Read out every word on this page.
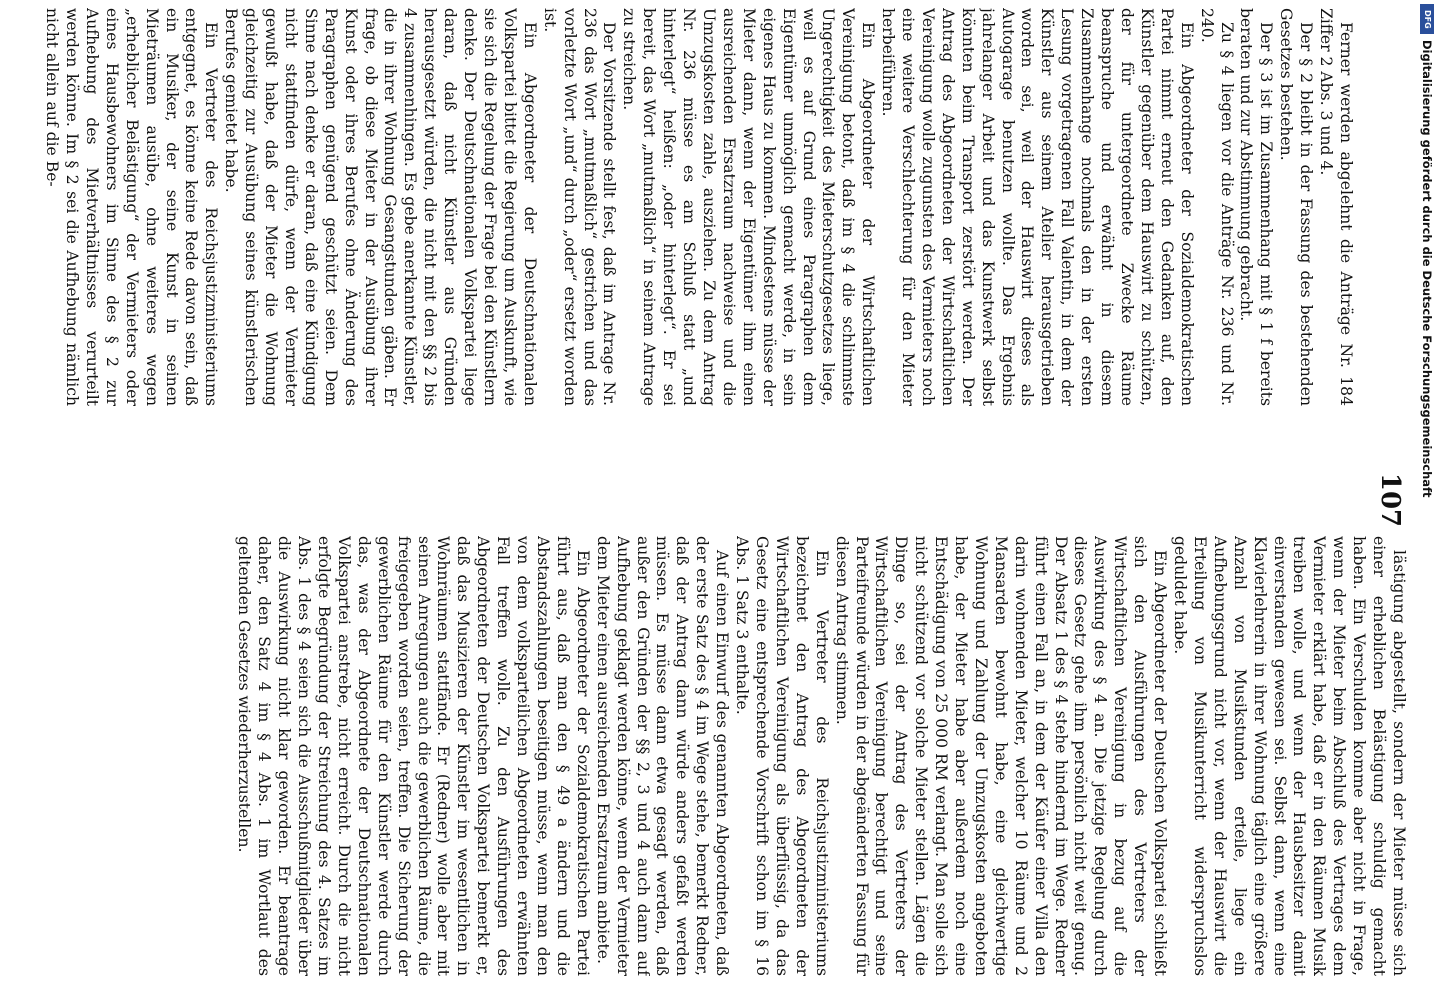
107

Ferner werden abgelehnt die Anträge Nr. 184 Ziffer 2 Abs. 3 und 4.

Der § 2 bleibt in der Fassung des bestehenden Gesetzes bestehen.

Der § 3 ist im Zusammenhang mit § 1 f bereits beraten und zur Abstimmung gebracht.

Zu § 4 liegen vor die Anträge Nr. 236 und Nr. 240.

Ein Abgeordneter der Sozialdemokratischen Partei nimmt erneut den Gedanken auf, den Künstler gegenüber dem Hauswirt zu schützen, der für untergeordnete Zwecke Räume beanspruche und erwähnt in diesem Zusammenhange nochmals den in der ersten Lesung vorgetragenen Fall Valentin, in dem der Künstler aus seinem Atelier herausgetrieben worden sei, weil der Hauswirt dieses als Autogarage benutzen wollte. Das Ergebnis jahrelanger Arbeit und das Kunstwerk selbst könnten beim Transport zerstört werden. Der Antrag des Abgeordneten der Wirtschaftlichen Vereinigung wolle zugunsten des Vermieters noch eine weitere Verschlechterung für den Mieter herbeiführen.

Ein Abgeordneter der Wirtschaftlichen Vereinigung betont, daß im § 4 die schlimmste Ungerechtigkeit des Mieterschutzgesetzes liege, weil es auf Grund eines Paragraphen dem Eigentümer unmöglich gemacht werde, in sein eigenes Haus zu kommen. Mindestens müsse der Mieter dann, wenn der Eigentümer ihm einen ausreichenden Ersatzraum nachweise und die Umzugskosten zahle, ausziehen. Zu dem Antrag Nr. 236 müsse es am Schluß statt „und hinterlegt“ heißen: „oder hinterlegt“. Er sei bereit, das Wort „mutmaßlich“ in seinem Antrage zu streichen.

Der Vorsitzende stellt fest, daß im Antrage Nr. 236 das Wort „mutmaßlich“ gestrichen und das vorletzte Wort „und“ durch „oder“ ersetzt worden ist.

Ein Abgeordneter der Deutschnationalen Volkspartei bittet die Regierung um Auskunft, wie sie sich die Regelung der Frage bei den Künstlern denke. Der Deutschnationalen Volkspartei liege daran, daß nicht Künstler aus Gründen herausgesetzt würden, die nicht mit den §§ 2 bis 4 zusammenhingen. Es gebe anerkannte Künstler, die in ihrer Wohnung Gesangstunden gäben. Er frage, ob diese Mieter in der Ausübung ihrer Kunst oder ihres Berufes ohne Änderung des Paragraphen genügend geschützt seien. Dem Sinne nach denke er daran, daß eine Kündigung nicht stattfinden dürfe, wenn der Vermieter gewußt habe, daß der Mieter die Wohnung gleichzeitig zur Ausübung seines künstlerischen Berufes gemietet habe.

Ein Vertreter des Reichsjustizministeriums entgegnet, es könne keine Rede davon sein, daß ein Musiker, der seine Kunst in seinen Mieträumen ausübe, ohne weiteres wegen „erheblicher Belästigung“ der Vermieters oder eines Hausbewohners im Sinne des § 2 zur Aufhebung des Mietverhältnisses verurteilt werden könne. Im § 2 sei die Aufhebung nämlich nicht allein auf die Be-

lästigung abgestellt, sondern der Mieter müsse sich einer erheblichen Belästigung schuldig gemacht haben. Ein Verschulden komme aber nicht in Frage, wenn der Mieter beim Abschluß des Vertrages dem Vermieter erklärt habe, daß er in den Räumen Musik treiben wolle, und wenn der Hausbesitzer damit einverstanden gewesen sei. Selbst dann, wenn eine Klavierlehrerin in ihrer Wohnung täglich eine größere Anzahl von Musikstunden erteile, liege ein Aufhebungsgrund nicht vor, wenn der Hauswirt die Erteilung von Musikunterricht widerspruchslos geduldet habe.

Ein Abgeordneter der Deutschen Volkspartei schließt sich den Ausführungen des Vertreters der Wirtschaftlichen Vereinigung in bezug auf die Auswirkung des § 4 an. Die jetzige Regelung durch dieses Gesetz gehe ihm persönlich nicht weit genug. Der Absatz 1 des § 4 stehe hindernd im Wege. Redner führt einen Fall an, in dem der Käufer einer Villa den darin wohnenden Mieter, welcher 10 Räume und 2 Mansarden bewohnt habe, eine gleichwertige Wohnung und Zahlung der Umzugskosten angeboten habe, der Mieter habe aber außerdem noch eine Entschädigung von 25 000 RM verlangt. Man solle sich nicht schützend vor solche Mieter stellen. Lägen die Dinge so, sei der Antrag des Vertreters der Wirtschaftlichen Vereinigung berechtigt und seine Parteifreunde würden in der abgeänderten Fassung für diesen Antrag stimmen.

Ein Vertreter des Reichsjustizministeriums bezeichnet den Antrag des Abgeordneten der Wirtschaftlichen Vereinigung als überflüssig, da das Gesetz eine entsprechende Vorschrift schon im § 16 Abs. 1 Satz 3 enthalte.

Auf einen Einwurf des genannten Abgeordneten, daß der erste Satz des § 4 im Wege stehe, bemerkt Redner, daß der Antrag dann würde anders gefaßt werden müssen. Es müsse dann etwa gesagt werden, daß außer den Gründen der §§ 2, 3 und 4 auch dann auf Aufhebung geklagt werden könne, wenn der Vermieter dem Mieter einen ausreichenden Ersatzraum anbiete.

Ein Abgeordneter der Sozialdemokratischen Partei führt aus, daß man den § 49 a ändern und die Abstandszahlungen beseitigen müsse, wenn man den von dem volksparteilichen Abgeordneten erwähnten Fall treffen wolle. Zu den Ausführungen des Abgeordneten der Deutschen Volkspartei bemerkt er, daß das Musizieren der Künstler im wesentlichen in Wohnräumen stattfände. Er (Redner) wolle aber mit seinen Anregungen auch die gewerblichen Räume, die freigegeben worden seien, treffen. Die Sicherung der gewerblichen Räume für den Künstler werde durch das, was der Abgeordnete der Deutschnationalen Volkspartei anstrebe, nicht erreicht. Durch die nicht erfolgte Begründung der Streichung des 4. Satzes im Abs. 1 des § 4 seien sich die Ausschußmitglieder über die Auswirkung nicht klar geworden. Er beantrage daher, den Satz 4 im § 4 Abs. 1 im Wortlaut des geltenden Gesetzes wiederherzustellen.

DFG
Digitalisierung gefördert durch die Deutsche Forschungsgemeinschaft
